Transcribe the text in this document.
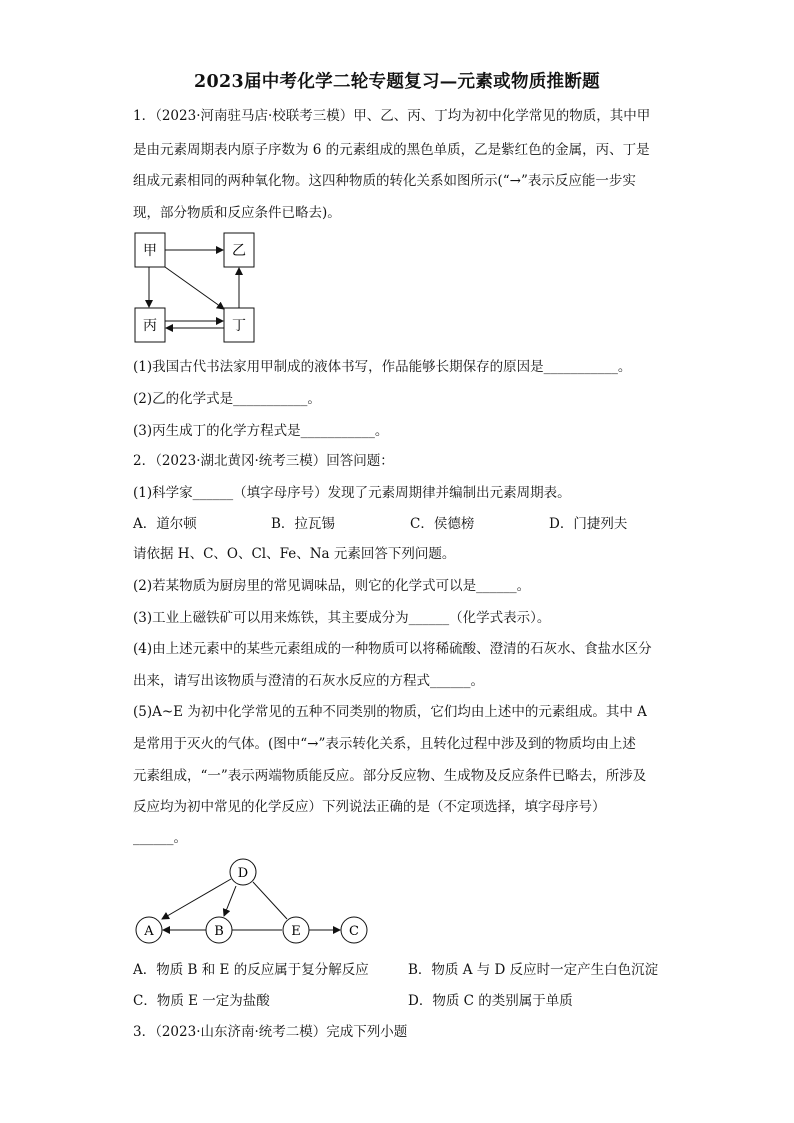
2023届中考化学二轮专题复习—元素或物质推断题
1．（2023·河南驻马店·校联考三模）甲、乙、丙、丁均为初中化学常见的物质，其中甲
是由元素周期表内原子序数为 6 的元素组成的黑色单质，乙是紫红色的金属，丙、丁是
组成元素相同的两种氧化物。这四种物质的转化关系如图所示(“→”表示反应能一步实
现，部分物质和反应条件已略去)。
甲	乙
丙	丁
(1)我国古代书法家用甲制成的液体书写，作品能够长期保存的原因是___________。
(2)乙的化学式是___________。
(3)丙生成丁的化学方程式是___________。
2．（2023·湖北黄冈·统考三模）回答问题：
(1)科学家______（填字母序号）发现了元素周期律并编制出元素周期表。
A．道尔顿	B．拉瓦锡	C．侯德榜	D．门捷列夫
请依据 H、C、O、Cl、Fe、Na 元素回答下列问题。
(2)若某物质为厨房里的常见调味品，则它的化学式可以是______。
(3)工业上磁铁矿可以用来炼铁，其主要成分为______（化学式表示）。
(4)由上述元素中的某些元素组成的一种物质可以将稀硫酸、澄清的石灰水、食盐水区分
出来，请写出该物质与澄清的石灰水反应的方程式______。
(5)A~E 为初中化学常见的五种不同类别的物质，它们均由上述中的元素组成。其中 A
是常用于灭火的气体。(图中“→”表示转化关系，且转化过程中涉及到的物质均由上述
元素组成，“一”表示两端物质能反应。部分反应物、生成物及反应条件已略去，所涉及
反应均为初中常见的化学反应）下列说法正确的是（不定项选择，填字母序号）
______。
D
A	B	E	C
A．物质 B 和 E 的反应属于复分解反应	B．物质 A 与 D 反应时一定产生白色沉淀
C．物质 E 一定为盐酸	D．物质 C 的类别属于单质
3．（2023·山东济南·统考二模）完成下列小题
